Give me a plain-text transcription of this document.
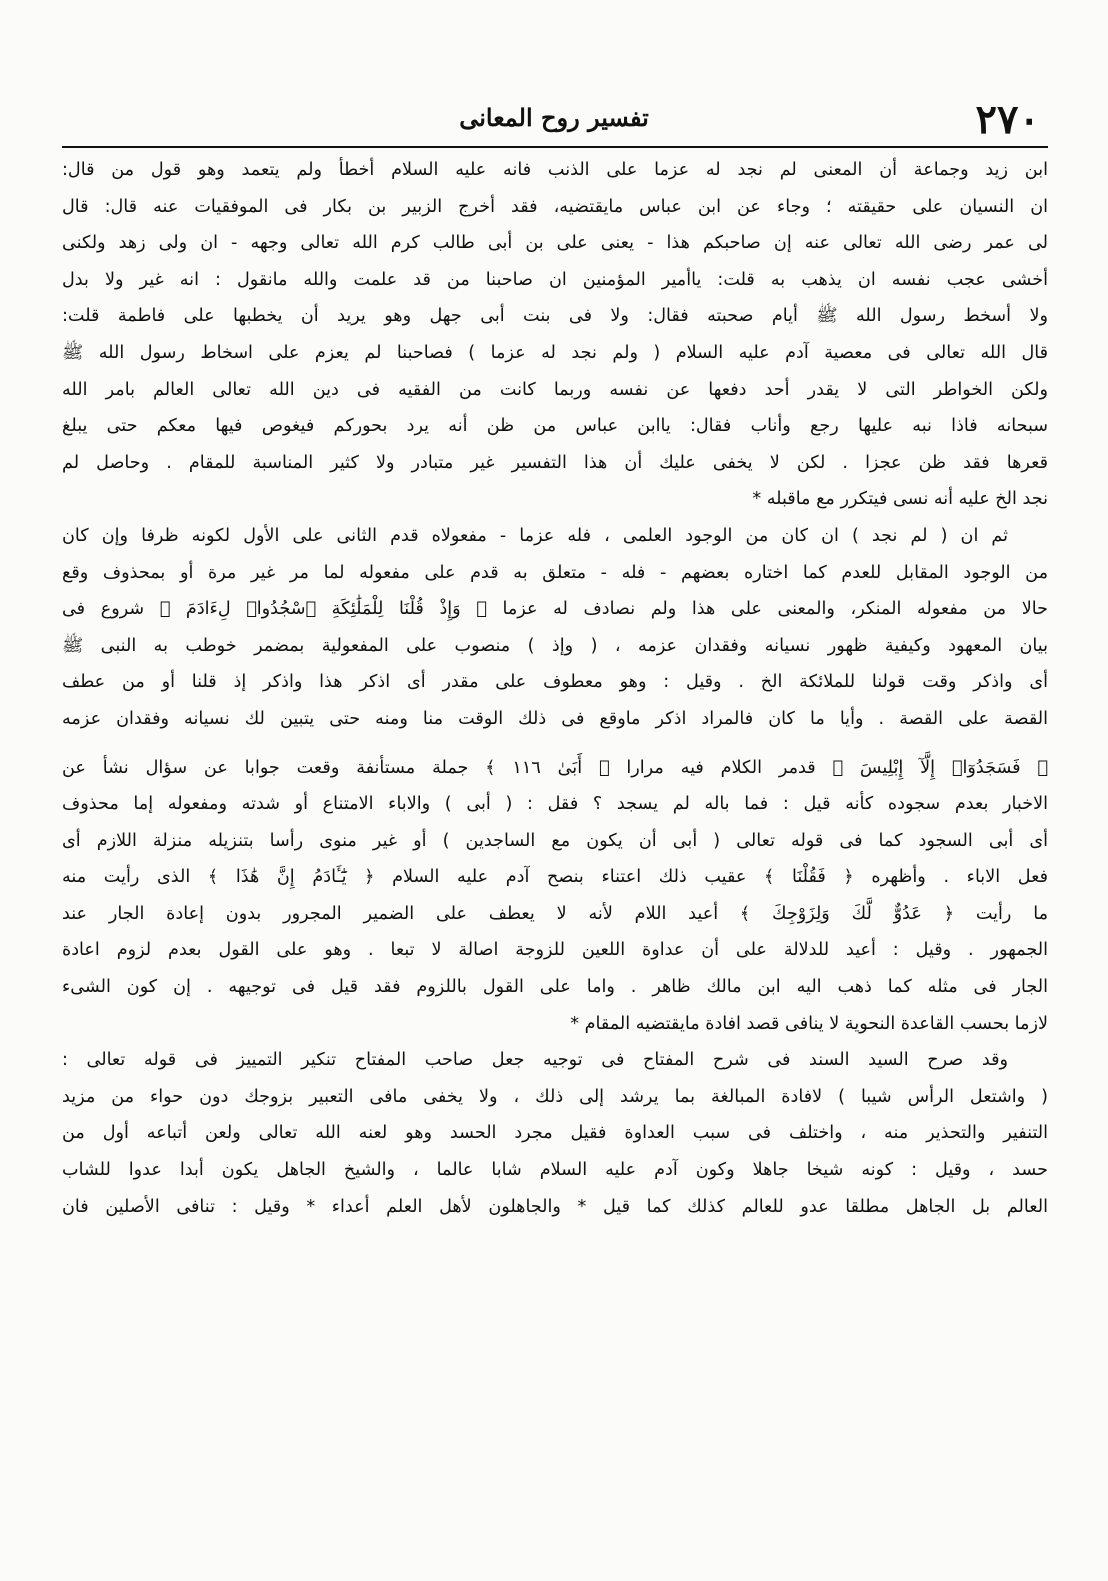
٢٧٠
تفسير روح المعانى
ابن زيد وجماعة أن المعنى لم نجد له عزما على الذنب فانه عليه السلام أخطأ ولم يتعمد وهو قول من قال:
ان النسيان على حقيقته ؛ وجاء عن ابن عباس مايقتضيه، فقد أخرج الزبير بن بكار فى الموفقيات عنه قال: قال
لى عمر رضى الله تعالى عنه إن صاحبكم هذا - يعنى على بن أبى طالب كرم الله تعالى وجهه - ان ولى زهد ولكنى
أخشى عجب نفسه ان يذهب به قلت: ياأمير المؤمنين ان صاحبنا من قد علمت والله مانقول : انه غير ولا بدل
ولا أسخط رسول الله ﷺ أيام صحبته فقال: ولا فى بنت أبى جهل وهو يريد أن يخطبها على فاطمة قلت:
قال الله تعالى فى معصية آدم عليه السلام ( ولم نجد له عزما ) فصاحبنا لم يعزم على اسخاط رسول الله ﷺ
ولكن الخواطر التى لا يقدر أحد دفعها عن نفسه وربما كانت من الفقيه فى دين الله تعالى العالم بامر الله
سبحانه فاذا نبه عليها رجع وأناب فقال: ياابن عباس من ظن أنه يرد بحوركم فيغوص فيها معكم حتى يبلغ
قعرها فقد ظن عجزا . لكن لا يخفى عليك أن هذا التفسير غير متبادر ولا كثير المناسبة للمقام . وحاصل لم
نجد الخ عليه أنه نسى فيتكرر مع ماقبله *
ثم ان ( لم نجد ) ان كان من الوجود العلمى ، فله عزما - مفعولاه قدم الثانى على الأول لكونه ظرفا وإن كان
من الوجود المقابل للعدم كما اختاره بعضهم - فله - متعلق به قدم على مفعوله لما مر غير مرة أو بمحذوف وقع
حالا من مفعوله المنكر، والمعنى على هذا ولم نصادف له عزما ﴿ وَإِذْ قُلْنَا لِلْمَلَٰئِكَةِ ٱسْجُدُوا۟ لِءَادَمَ ﴾ شروع فى
بيان المعهود وكيفية ظهور نسيانه وفقدان عزمه ، ( وإذ ) منصوب على المفعولية بمضمر خوطب به النبى ﷺ
أى واذكر وقت قولنا للملائكة الخ . وقيل : وهو معطوف على مقدر أى اذكر هذا واذكر إذ قلنا أو من عطف
القصة على القصة . وأيا ما كان فالمراد اذكر ماوقع فى ذلك الوقت منا ومنه حتى يتبين لك نسيانه وفقدان عزمه
﴿ فَسَجَدُوٓا۟ إِلَّآ إِبْلِيسَ ﴾ قدمر الكلام فيه مرارا ﴿ أَبَىٰ ١١٦ ﴾ جملة مستأنفة وقعت جوابا عن سؤال نشأ عن
الاخبار بعدم سجوده كأنه قيل : فما باله لم يسجد ؟ فقل : ( أبى ) والاباء الامتناع أو شدته ومفعوله إما محذوف
أى أبى السجود كما فى قوله تعالى ( أبى أن يكون مع الساجدين ) أو غير منوى رأسا بتنزيله منزلة اللازم أى
فعل الاباء . وأظهره ﴿ فَقُلْنَا ﴾ عقيب ذلك اعتناء بنصح آدم عليه السلام ﴿ يَٰٓـَٔادَمُ إِنَّ هَٰذَا ﴾ الذى رأيت منه
ما رأيت ﴿ عَدُوٌّ لَّكَ وَلِزَوْجِكَ ﴾ أعيد اللام لأنه لا يعطف على الضمير المجرور بدون إعادة الجار عند
الجمهور . وقيل : أعيد للدلالة على أن عداوة اللعين للزوجة اصالة لا تبعا . وهو على القول بعدم لزوم اعادة
الجار فى مثله كما ذهب اليه ابن مالك ظاهر . واما على القول باللزوم فقد قيل فى توجيهه . إن كون الشىء
لازما بحسب القاعدة النحوية لا ينافى قصد افادة مايقتضيه المقام *
وقد صرح السيد السند فى شرح المفتاح فى توجيه جعل صاحب المفتاح تنكير التمييز فى قوله تعالى :
( واشتعل الرأس شيبا ) لافادة المبالغة بما يرشد إلى ذلك ، ولا يخفى مافى التعبير بزوجك دون حواء من مزيد
التنفير والتحذير منه ، واختلف فى سبب العداوة فقيل مجرد الحسد وهو لعنه الله تعالى ولعن أتباعه أول من
حسد ، وقيل : كونه شيخا جاهلا وكون آدم عليه السلام شابا عالما ، والشيخ الجاهل يكون أبدا عدوا للشاب
العالم بل الجاهل مطلقا عدو للعالم كذلك كما قيل * والجاهلون لأهل العلم أعداء * وقيل : تنافى الأصلين فان
